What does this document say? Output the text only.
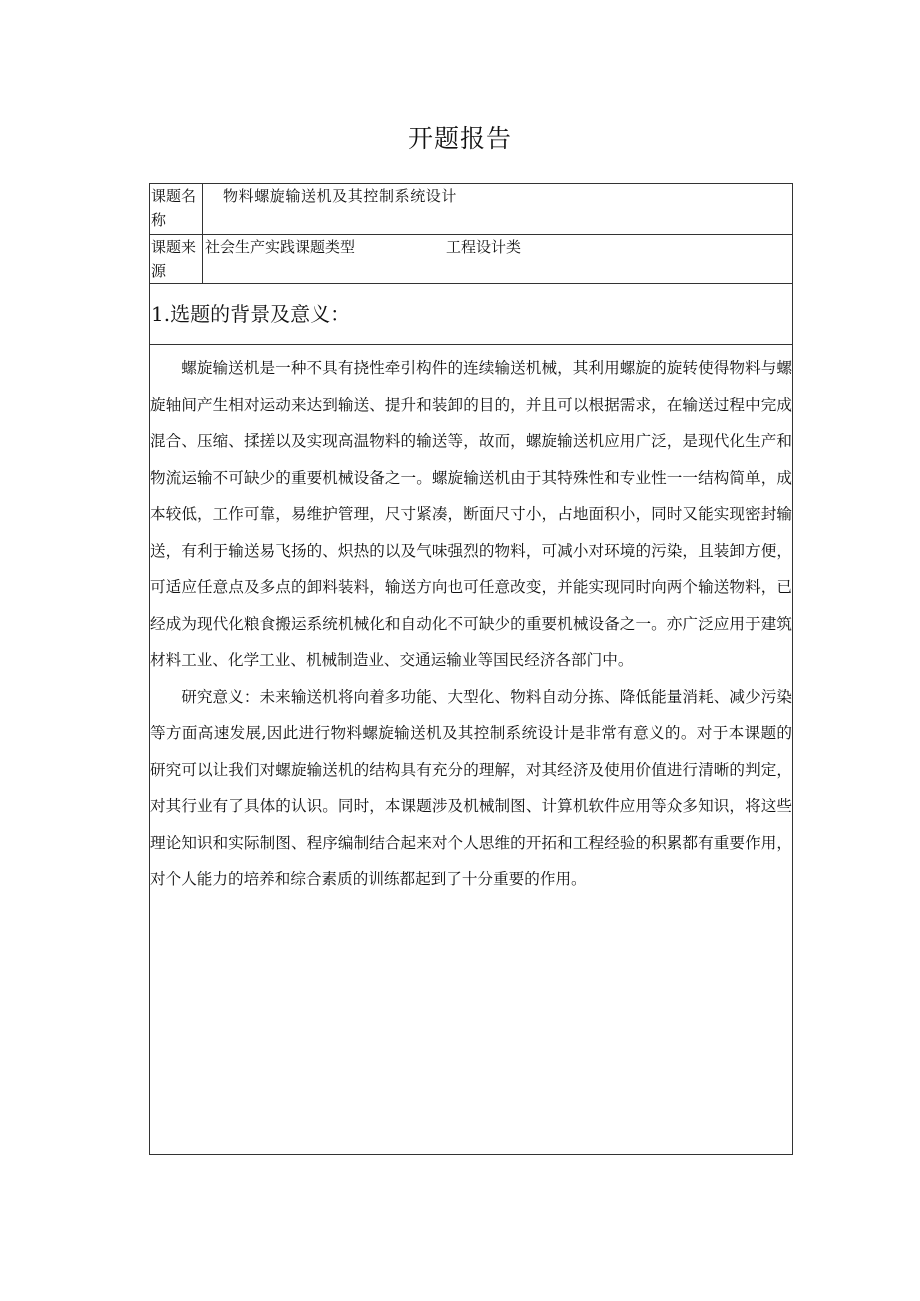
开题报告
课题名称
物料螺旋输送机及其控制系统设计
课题来源
社会生产实践课题类型	工程设计类
1.选题的背景及意义：

螺旋输送机是一种不具有挠性牵引构件的连续输送机械，其利用螺旋的旋转使得物料与螺旋轴间产生相对运动来达到输送、提升和装卸的目的，并且可以根据需求，在输送过程中完成混合、压缩、揉搓以及实现高温物料的输送等，故而，螺旋输送机应用广泛，是现代化生产和物流运输不可缺少的重要机械设备之一。螺旋输送机由于其特殊性和专业性一一结构简单，成本较低，工作可靠，易维护管理，尺寸紧凑，断面尺寸小，占地面积小，同时又能实现密封输送，有利于输送易飞扬的、炽热的以及气味强烈的物料，可减小对环境的污染，且装卸方便，可适应任意点及多点的卸料装料，输送方向也可任意改变，并能实现同时向两个输送物料，已经成为现代化粮食搬运系统机械化和自动化不可缺少的重要机械设备之一。亦广泛应用于建筑材料工业、化学工业、机械制造业、交通运输业等国民经济各部门中。

研究意义：未来输送机将向着多功能、大型化、物料自动分拣、降低能量消耗、减少污染等方面高速发展,因此进行物料螺旋输送机及其控制系统设计是非常有意义的。对于本课题的研究可以让我们对螺旋输送机的结构具有充分的理解，对其经济及使用价值进行清晰的判定，对其行业有了具体的认识。同时，本课题涉及机械制图、计算机软件应用等众多知识，将这些理论知识和实际制图、程序编制结合起来对个人思维的开拓和工程经验的积累都有重要作用，对个人能力的培养和综合素质的训练都起到了十分重要的作用。
